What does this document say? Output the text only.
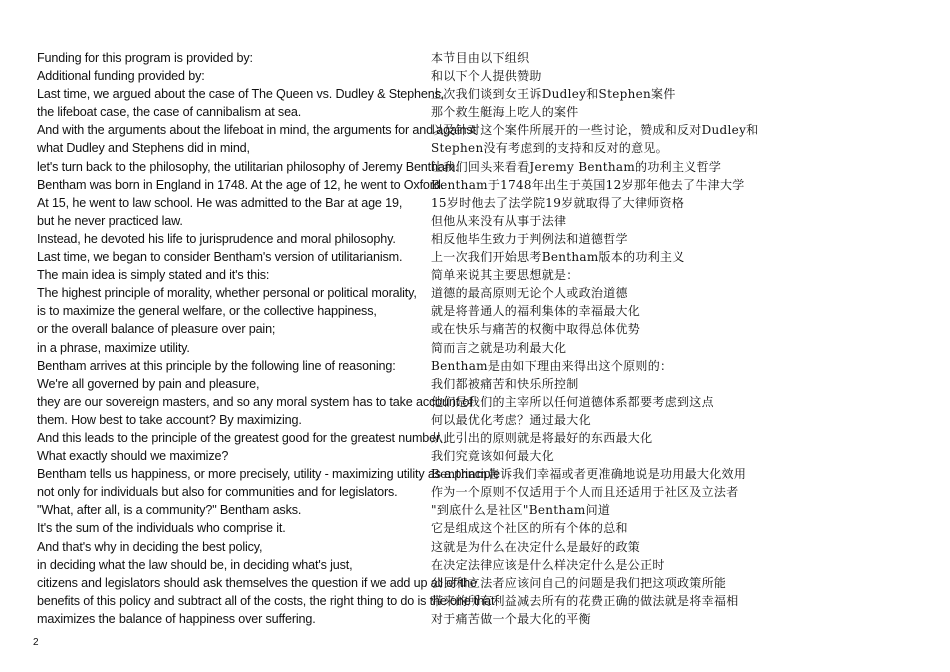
Funding for this program is provided by:
Additional funding provided by:
Last time, we argued about the case of The Queen vs. Dudley & Stephens,
the lifeboat case, the case of cannibalism at sea.
And with the arguments about the lifeboat in mind, the arguments for and against
what Dudley and Stephens did in mind,
let's turn back to the philosophy, the utilitarian philosophy of Jeremy Bentham.
Bentham was born in England in 1748. At the age of 12, he went to Oxford.
At 15, he went to law school. He was admitted to the Bar at age 19,
but he never practiced law.
Instead, he devoted his life to jurisprudence and moral philosophy.
Last time, we began to consider Bentham's version of utilitarianism.
The main idea is simply stated and it's this:
The highest principle of morality, whether personal or political morality,
is to maximize the general welfare, or the collective happiness,
or the overall balance of pleasure over pain;
in a phrase, maximize utility.
Bentham arrives at this principle by the following line of reasoning:
We're all governed by pain and pleasure,
they are our sovereign masters, and so any moral system has to take account of
them. How best to take account? By maximizing.
And this leads to the principle of the greatest good for the greatest number.
What exactly should we maximize?
Bentham tells us happiness, or more precisely, utility - maximizing utility as a principle
not only for individuals but also for communities and for legislators.
"What, after all, is a community?" Bentham asks.
It's the sum of the individuals who comprise it.
And that's why in deciding the best policy,
in deciding what the law should be, in deciding what's just,
citizens and legislators should ask themselves the question if we add up all of the
benefits of this policy and subtract all of the costs, the right thing to do is the one that
maximizes the balance of happiness over suffering.
本节目由以下组织
和以下个人提供赞助
上次我们谈到女王诉Dudley和Stephen案件
那个救生艇海上吃人的案件
以及针对这个案件所展开的一些讨论，赞成和反对Dudley和
Stephen没有考虑到的支持和反对的意见。
让我们回头来看看Jeremy Bentham的功利主义哲学
Bentham于1748年出生于英国12岁那年他去了牛津大学
15岁时他去了法学院19岁就取得了大律师资格
但他从来没有从事于法律
相反他毕生致力于判例法和道德哲学
上一次我们开始思考Bentham版本的功利主义
简单来说其主要思想就是：
道德的最高原则无论个人或政治道德
就是将普通人的福利集体的幸福最大化
或在快乐与痛苦的权衡中取得总体优势
简而言之就是功利最大化
Bentham是由如下理由来得出这个原则的：
我们都被痛苦和快乐所控制
他们是我们的主宰所以任何道德体系都要考虑到这点
何以最优化考虑？通过最大化
从此引出的原则就是将最好的东西最大化
我们究竟该如何最大化
Bentham告诉我们幸福或者更准确地说是功用最大化效用
作为一个原则不仅适用于个人而且还适用于社区及立法者
"到底什么是社区"Bentham问道
它是组成这个社区的所有个体的总和
这就是为什么在决定什么是最好的政策
在决定法律应该是什么样决定什么是公正时
公民和立法者应该问自己的问题是我们把这项政策所能
带来的所有利益减去所有的花费正确的做法就是将幸福相
对于痛苦做一个最大化的平衡
2
